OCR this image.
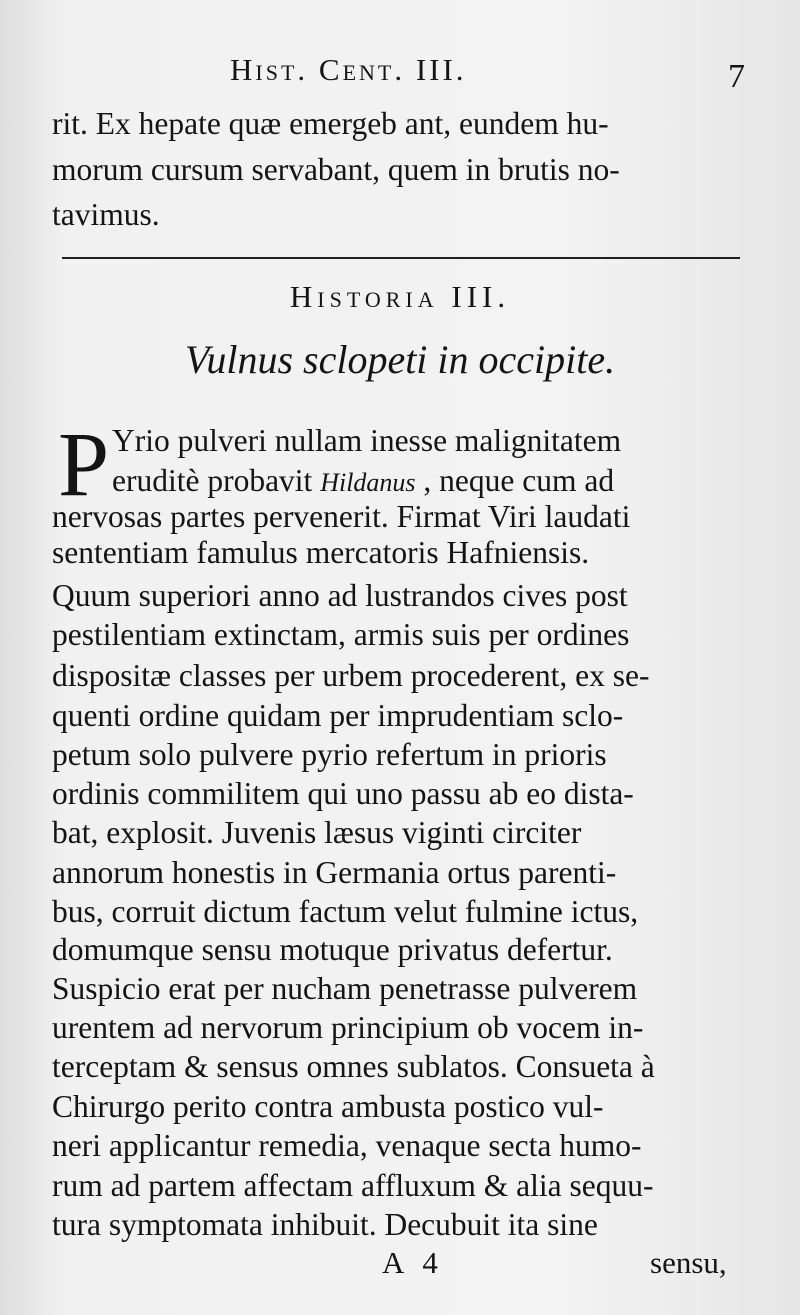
Hist. Cent. III.	7
rit. Ex hepate quæ emergeb ant, eundem hu-
morum cursum servabant, quem in brutis no-
tavimus.
Historia III.
Vulnus sclopeti in occipite.
P Yrio pulveri nullam inesse malignitatem
eruditè probavit Hildanus , neque cum ad
nervosas partes pervenerit. Firmat Viri laudati
sententiam famulus mercatoris Hafniensis.
Quum superiori anno ad lustrandos cives post
pestilentiam extinctam, armis suis per ordines
dispositæ classes per urbem procederent, ex se-
quenti ordine quidam per imprudentiam sclo-
petum solo pulvere pyrio refertum in prioris
ordinis commilitem qui uno passu ab eo dista-
bat, explosit. Juvenis læsus viginti circiter
annorum honestis in Germania ortus parenti-
bus, corruit dictum factum velut fulmine ictus,
domumque sensu motuque privatus defertur.
Suspicio erat per nucham penetrasse pulverem
urentem ad nervorum principium ob vocem in-
terceptam & sensus omnes sublatos. Consueta à
Chirurgo perito contra ambusta postico vul-
neri applicantur remedia, venaque secta humo-
rum ad partem affectam affluxum & alia sequu-
tura symptomata inhibuit. Decubuit ita sine
A 4	sensu,
